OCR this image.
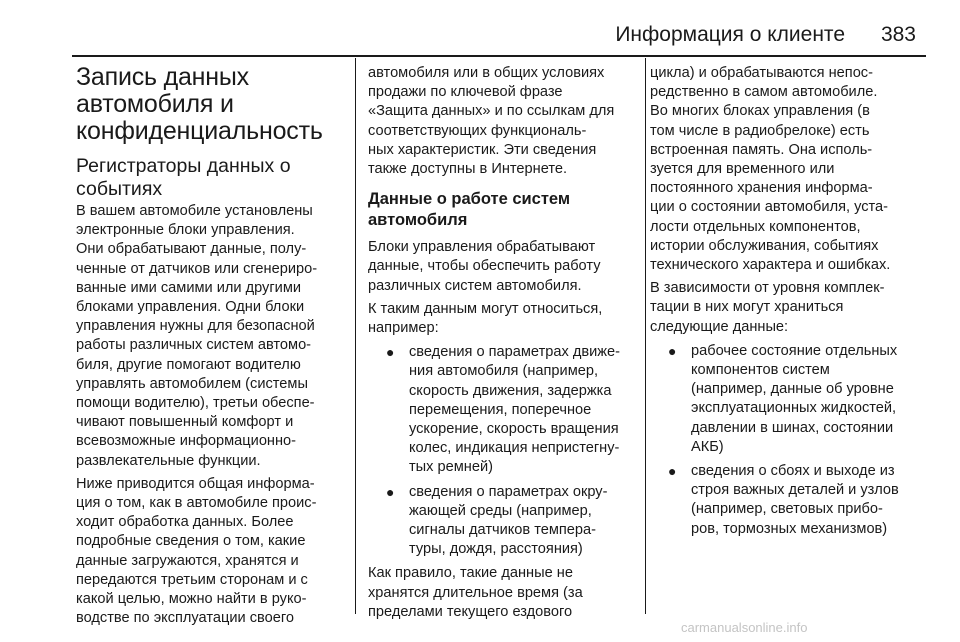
Информация о клиенте 383
Запись данных
автомобиля и
конфиденциальность
Регистраторы данных о
событиях
В вашем автомобиле установлены
электронные блоки управления.
Они обрабатывают данные, полу-
ченные от датчиков или сгенериро-
ванные ими самими или другими
блоками управления. Одни блоки
управления нужны для безопасной
работы различных систем автомо-
биля, другие помогают водителю
управлять автомобилем (системы
помощи водителю), третьи обеспе-
чивают повышенный комфорт и
всевозможные информационно-
развлекательные функции.
Ниже приводится общая информа-
ция о том, как в автомобиле проис-
ходит обработка данных. Более
подробные сведения о том, какие
данные загружаются, хранятся и
передаются третьим сторонам и с
какой целью, можно найти в руко-
водстве по эксплуатации своего
автомобиля или в общих условиях
продажи по ключевой фразе
«Защита данных» и по ссылкам для
соответствующих функциональ-
ных характеристик. Эти сведения
также доступны в Интернете.
Данные о работе систем
автомобиля
Блоки управления обрабатывают
данные, чтобы обеспечить работу
различных систем автомобиля.
К таким данным могут относиться,
например:
● сведения о параметрах движе-
ния автомобиля (например,
скорость движения, задержка
перемещения, поперечное
ускорение, скорость вращения
колес, индикация непристегну-
тых ремней)
● сведения о параметрах окру-
жающей среды (например,
сигналы датчиков темпера-
туры, дождя, расстояния)
Как правило, такие данные не
хранятся длительное время (за
пределами текущего ездового
цикла) и обрабатываются непос-
редственно в самом автомобиле.
Во многих блоках управления (в
том числе в радиобрелоке) есть
встроенная память. Она исполь-
зуется для временного или
постоянного хранения информа-
ции о состоянии автомобиля, уста-
лости отдельных компонентов,
истории обслуживания, событиях
технического характера и ошибках.
В зависимости от уровня комплек-
тации в них могут храниться
следующие данные:
● рабочее состояние отдельных
компонентов систем
(например, данные об уровне
эксплуатационных жидкостей,
давлении в шинах, состоянии
АКБ)
● сведения о сбоях и выходе из
строя важных деталей и узлов
(например, световых прибо-
ров, тормозных механизмов)
carmanualsonline.info
